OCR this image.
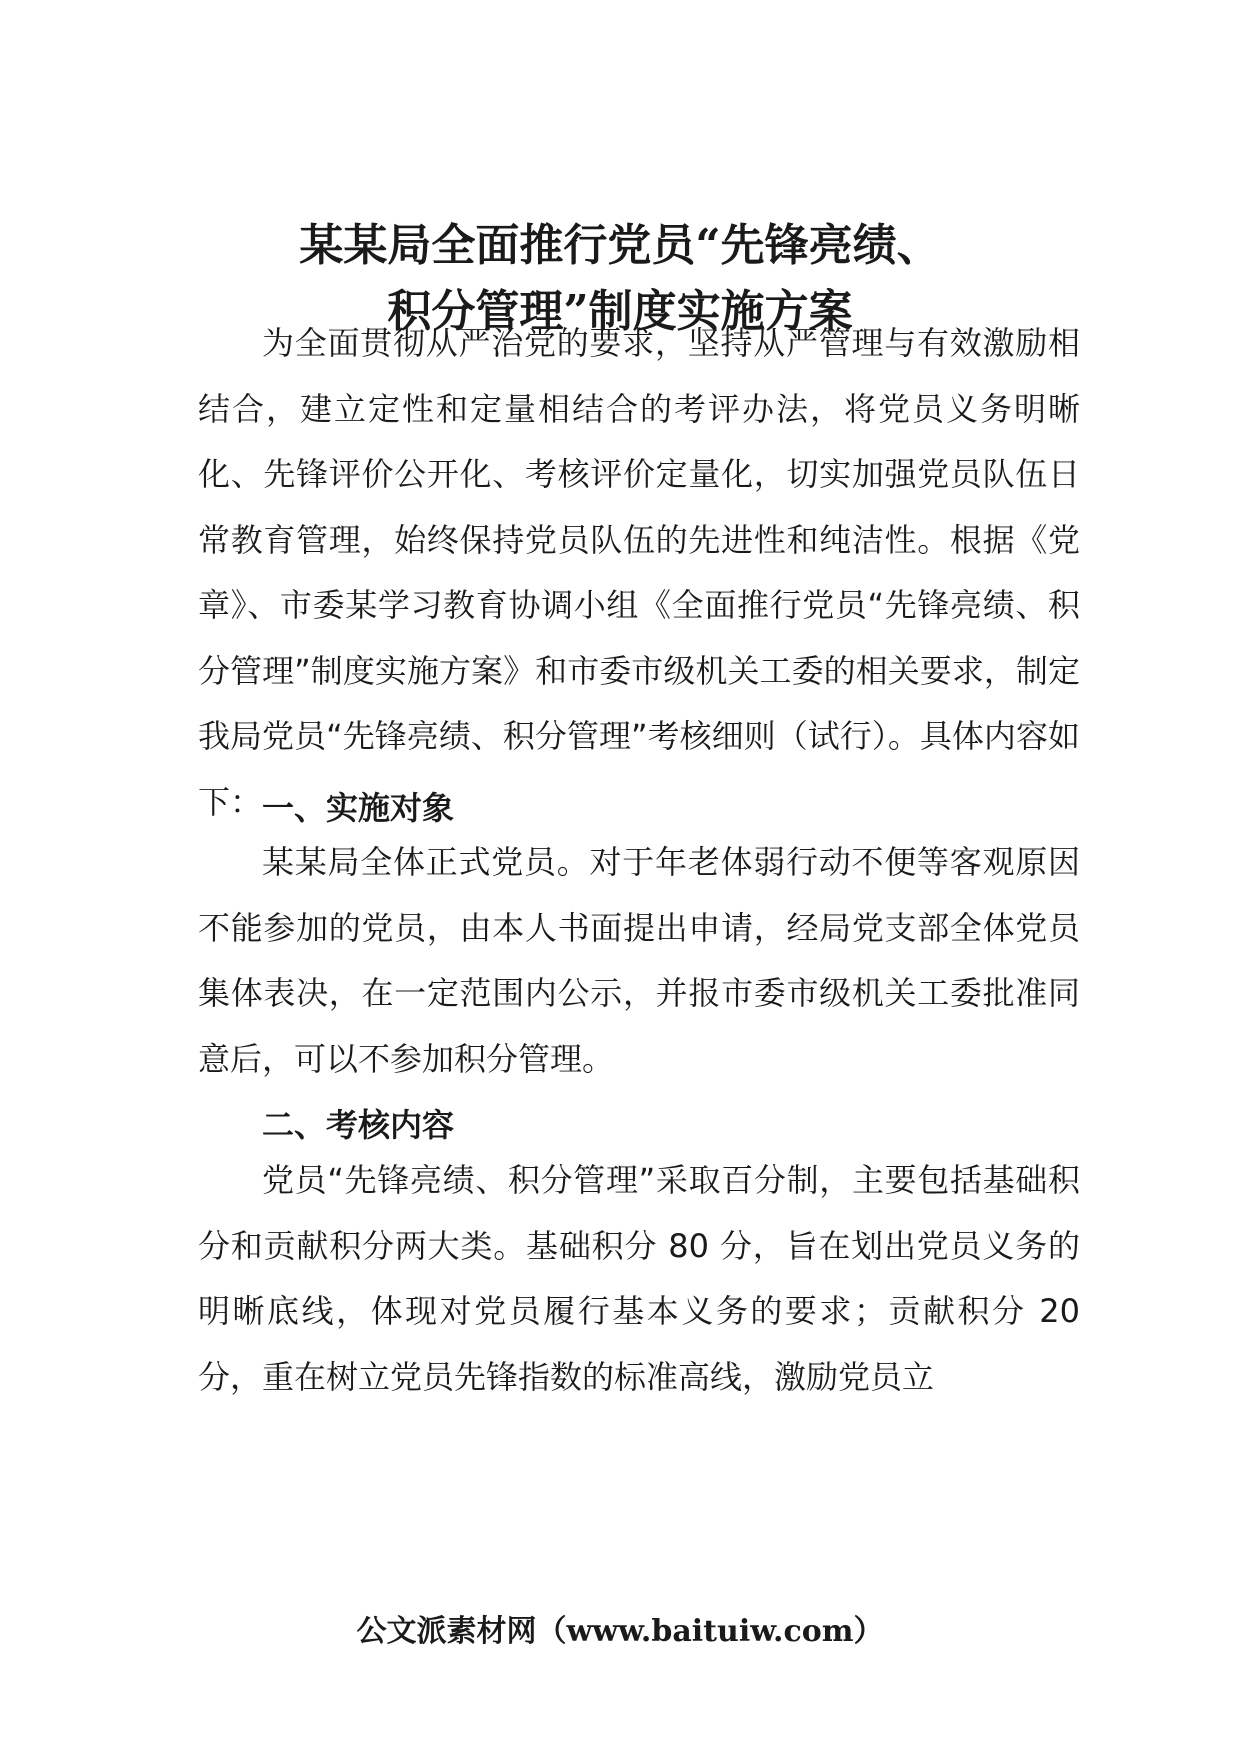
某某局全面推行党员“先锋亮绩、
积分管理”制度实施方案

为全面贯彻从严治党的要求，坚持从严管理与有效激励相结合，建立定性和定量相结合的考评办法，将党员义务明晰化、先锋评价公开化、考核评价定量化，切实加强党员队伍日常教育管理，始终保持党员队伍的先进性和纯洁性。根据《党章》、市委某学习教育协调小组《全面推行党员“先锋亮绩、积分管理”制度实施方案》和市委市级机关工委的相关要求，制定我局党员“先锋亮绩、积分管理”考核细则（试行）。具体内容如下： 一、实施对象

某某局全体正式党员。对于年老体弱行动不便等客观原因不能参加的党员，由本人书面提出申请，经局党支部全体党员集体表决，在一定范围内公示，并报市委市级机关工委批准同意后，可以不参加积分管理。

二、考核内容

党员“先锋亮绩、积分管理”采取百分制，主要包括基础积分和贡献积分两大类。基础积分 80 分，旨在划出党员义务的明晰底线，体现对党员履行基本义务的要求；贡献积分 20 分，重在树立党员先锋指数的标准高线，激励党员立

公文派素材网（www.baituiw.com）
